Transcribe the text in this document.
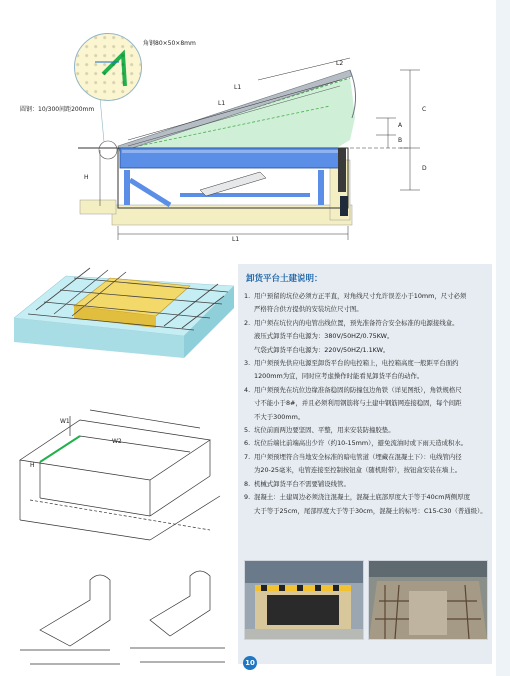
角钢80×50×8mm
圆钢：10/300间距200mm
L1
L2
L1
L1
H
C
A
B
D
H
W1
W2
卸货平台土建说明：
1. 用户预留的坑位必须方正平直，对角线尺寸允许误差小于10mm，尺寸必须
严格符合供方提供的安装坑位尺寸图。
2. 用户须在坑位内的电管出线位置，预先准备符合安全标准的电源接线盒。
液压式卸货平台电源为：380V/50HZ/0.75KW。
气袋式卸货平台电源为：220V/50HZ/1.1KW。
3. 用户须预先供应电源至卸货平台的电控箱上，电控箱高度一般距平台面约
1200mm为宜，同时应考虑操作时能看见卸货平台的动作。
4. 用户须预先在坑位边缘准备稳固的防撞包边角铁（详见图纸），角铁规格尺
寸不能小于8#，并且必须利用钢筋将与土建中钢筋网连接稳固，每个间距
不大于300mm。
5. 坑位前面两边要坚固、平整，用来安装防撞胶垫。
6. 坑位后端比前端高出少许（约10-15mm），避免流油时或下雨天造成积水。
7. 用户须预埋符合当地安全标准的暗电管道（埋藏在混凝土下）：电线管内径
为20-25毫米，电管连接至控制按钮盒（随机附带），按钮盒安装在墙上。
8. 机械式卸货平台不需要铺设线管。
9. 混凝土：土建周边必须浇注混凝土，混凝土底部厚度大于等于40cm两侧厚度
大于等于25cm，尾部厚度大于等于30cm，混凝土的标号：C15-C30（普通级）。
10
